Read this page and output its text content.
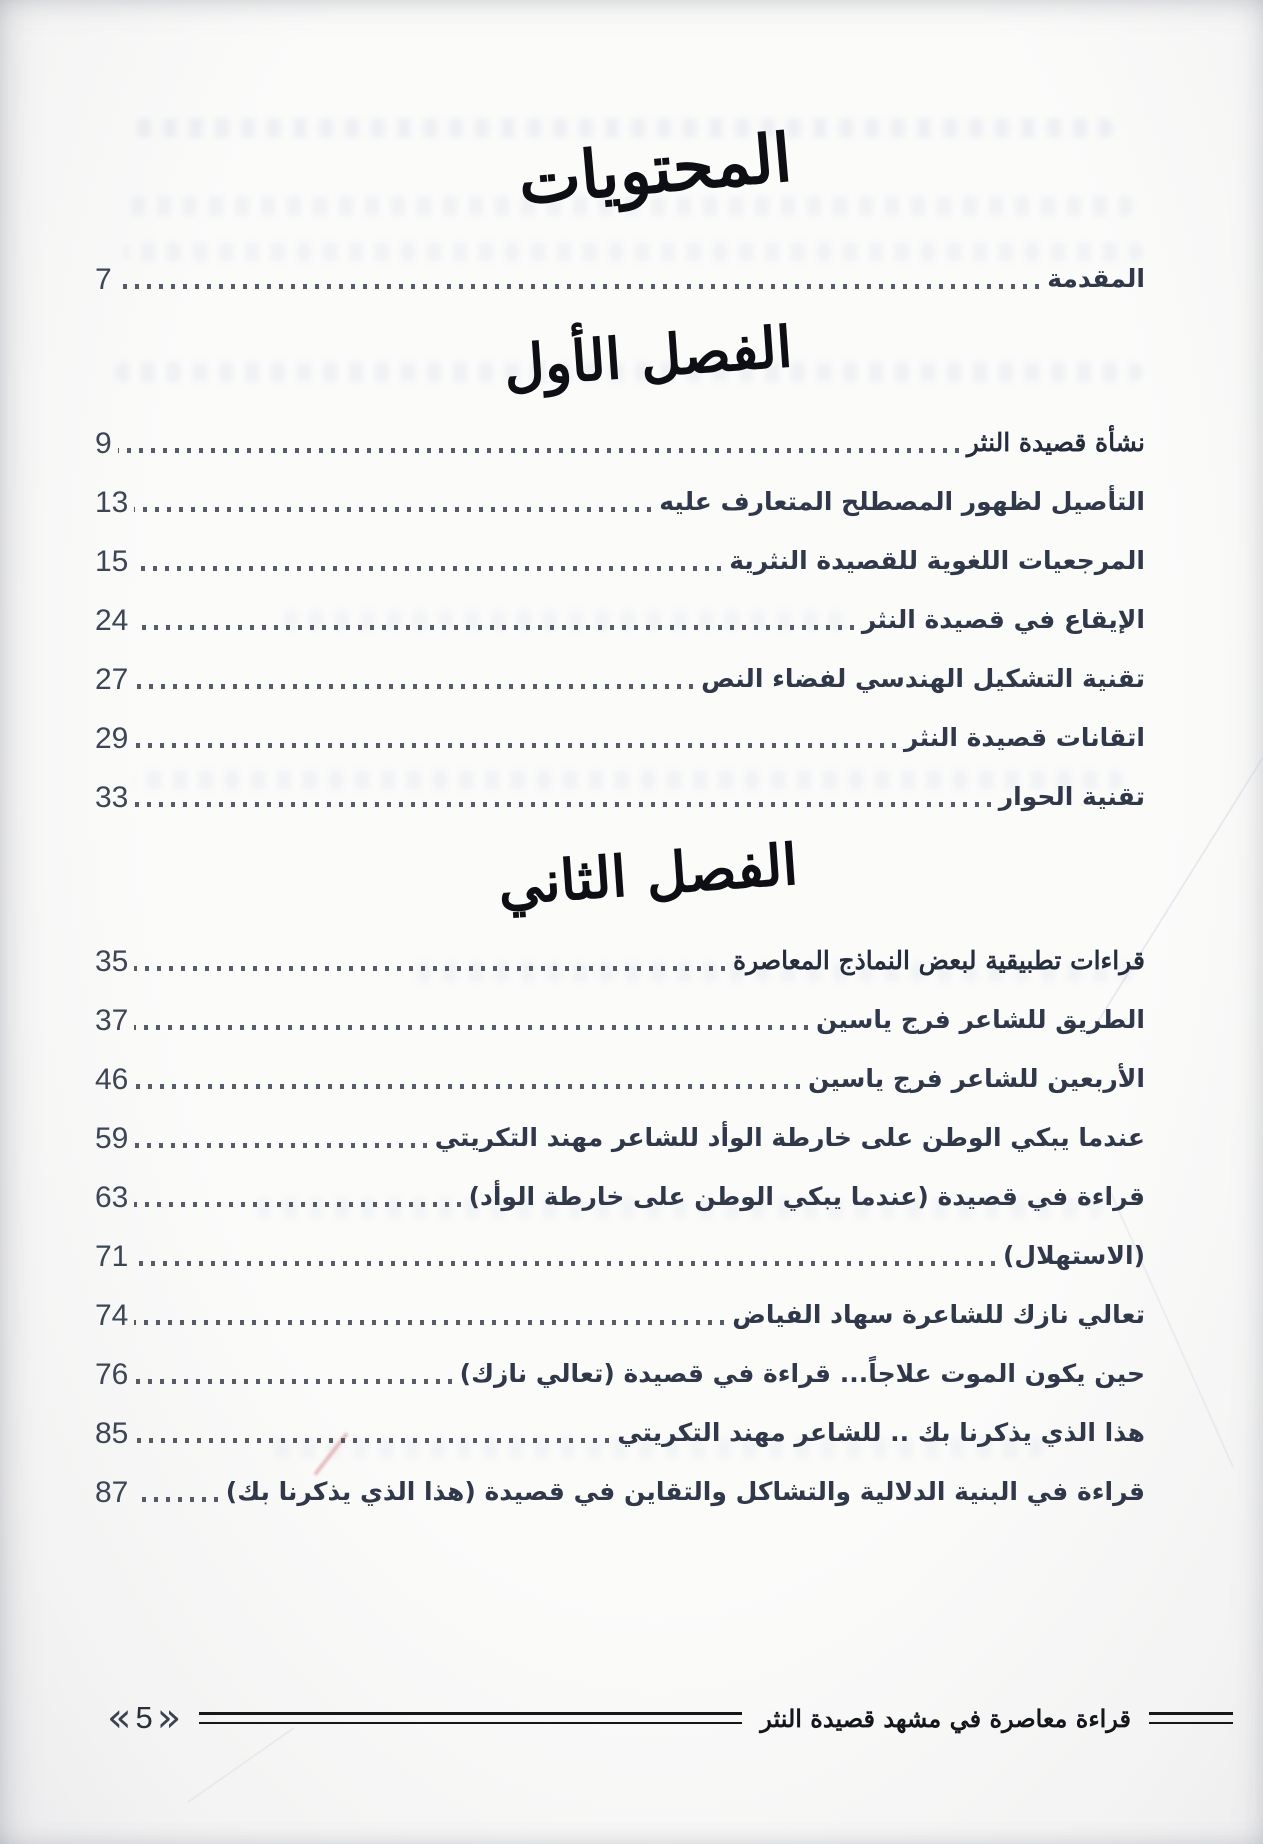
المحتويات
المقدمة
7
الفصل الأول
نشأة قصيدة النثر
9
التأصيل لظهور المصطلح المتعارف عليه
13
المرجعيات اللغوية للقصيدة النثرية
15
الإيقاع في قصيدة النثر
24
تقنية التشكيل الهندسي لفضاء النص
27
اتقانات قصيدة النثر
29
تقنية الحوار
33
الفصل الثاني
قراءات تطبيقية لبعض النماذج المعاصرة
35
الطريق للشاعر فرج ياسين
37
الأربعين للشاعر فرج ياسين
46
عندما يبكي الوطن على خارطة الوأد للشاعر مهند التكريتي
59
قراءة في قصيدة (عندما يبكي الوطن على خارطة الوأد)
63
(الاستهلال)
71
تعالي نازك للشاعرة سهاد الفياض
74
حين يكون الموت علاجاً... قراءة في قصيدة (تعالي نازك)
76
هذا الذي يذكرنا بك .. للشاعر مهند التكريتي
85
قراءة في البنية الدلالية والتشاكل والتقاين في قصيدة (هذا الذي يذكرنا بك)
87
قراءة معاصرة في مشهد قصيدة النثر
«
5
»
